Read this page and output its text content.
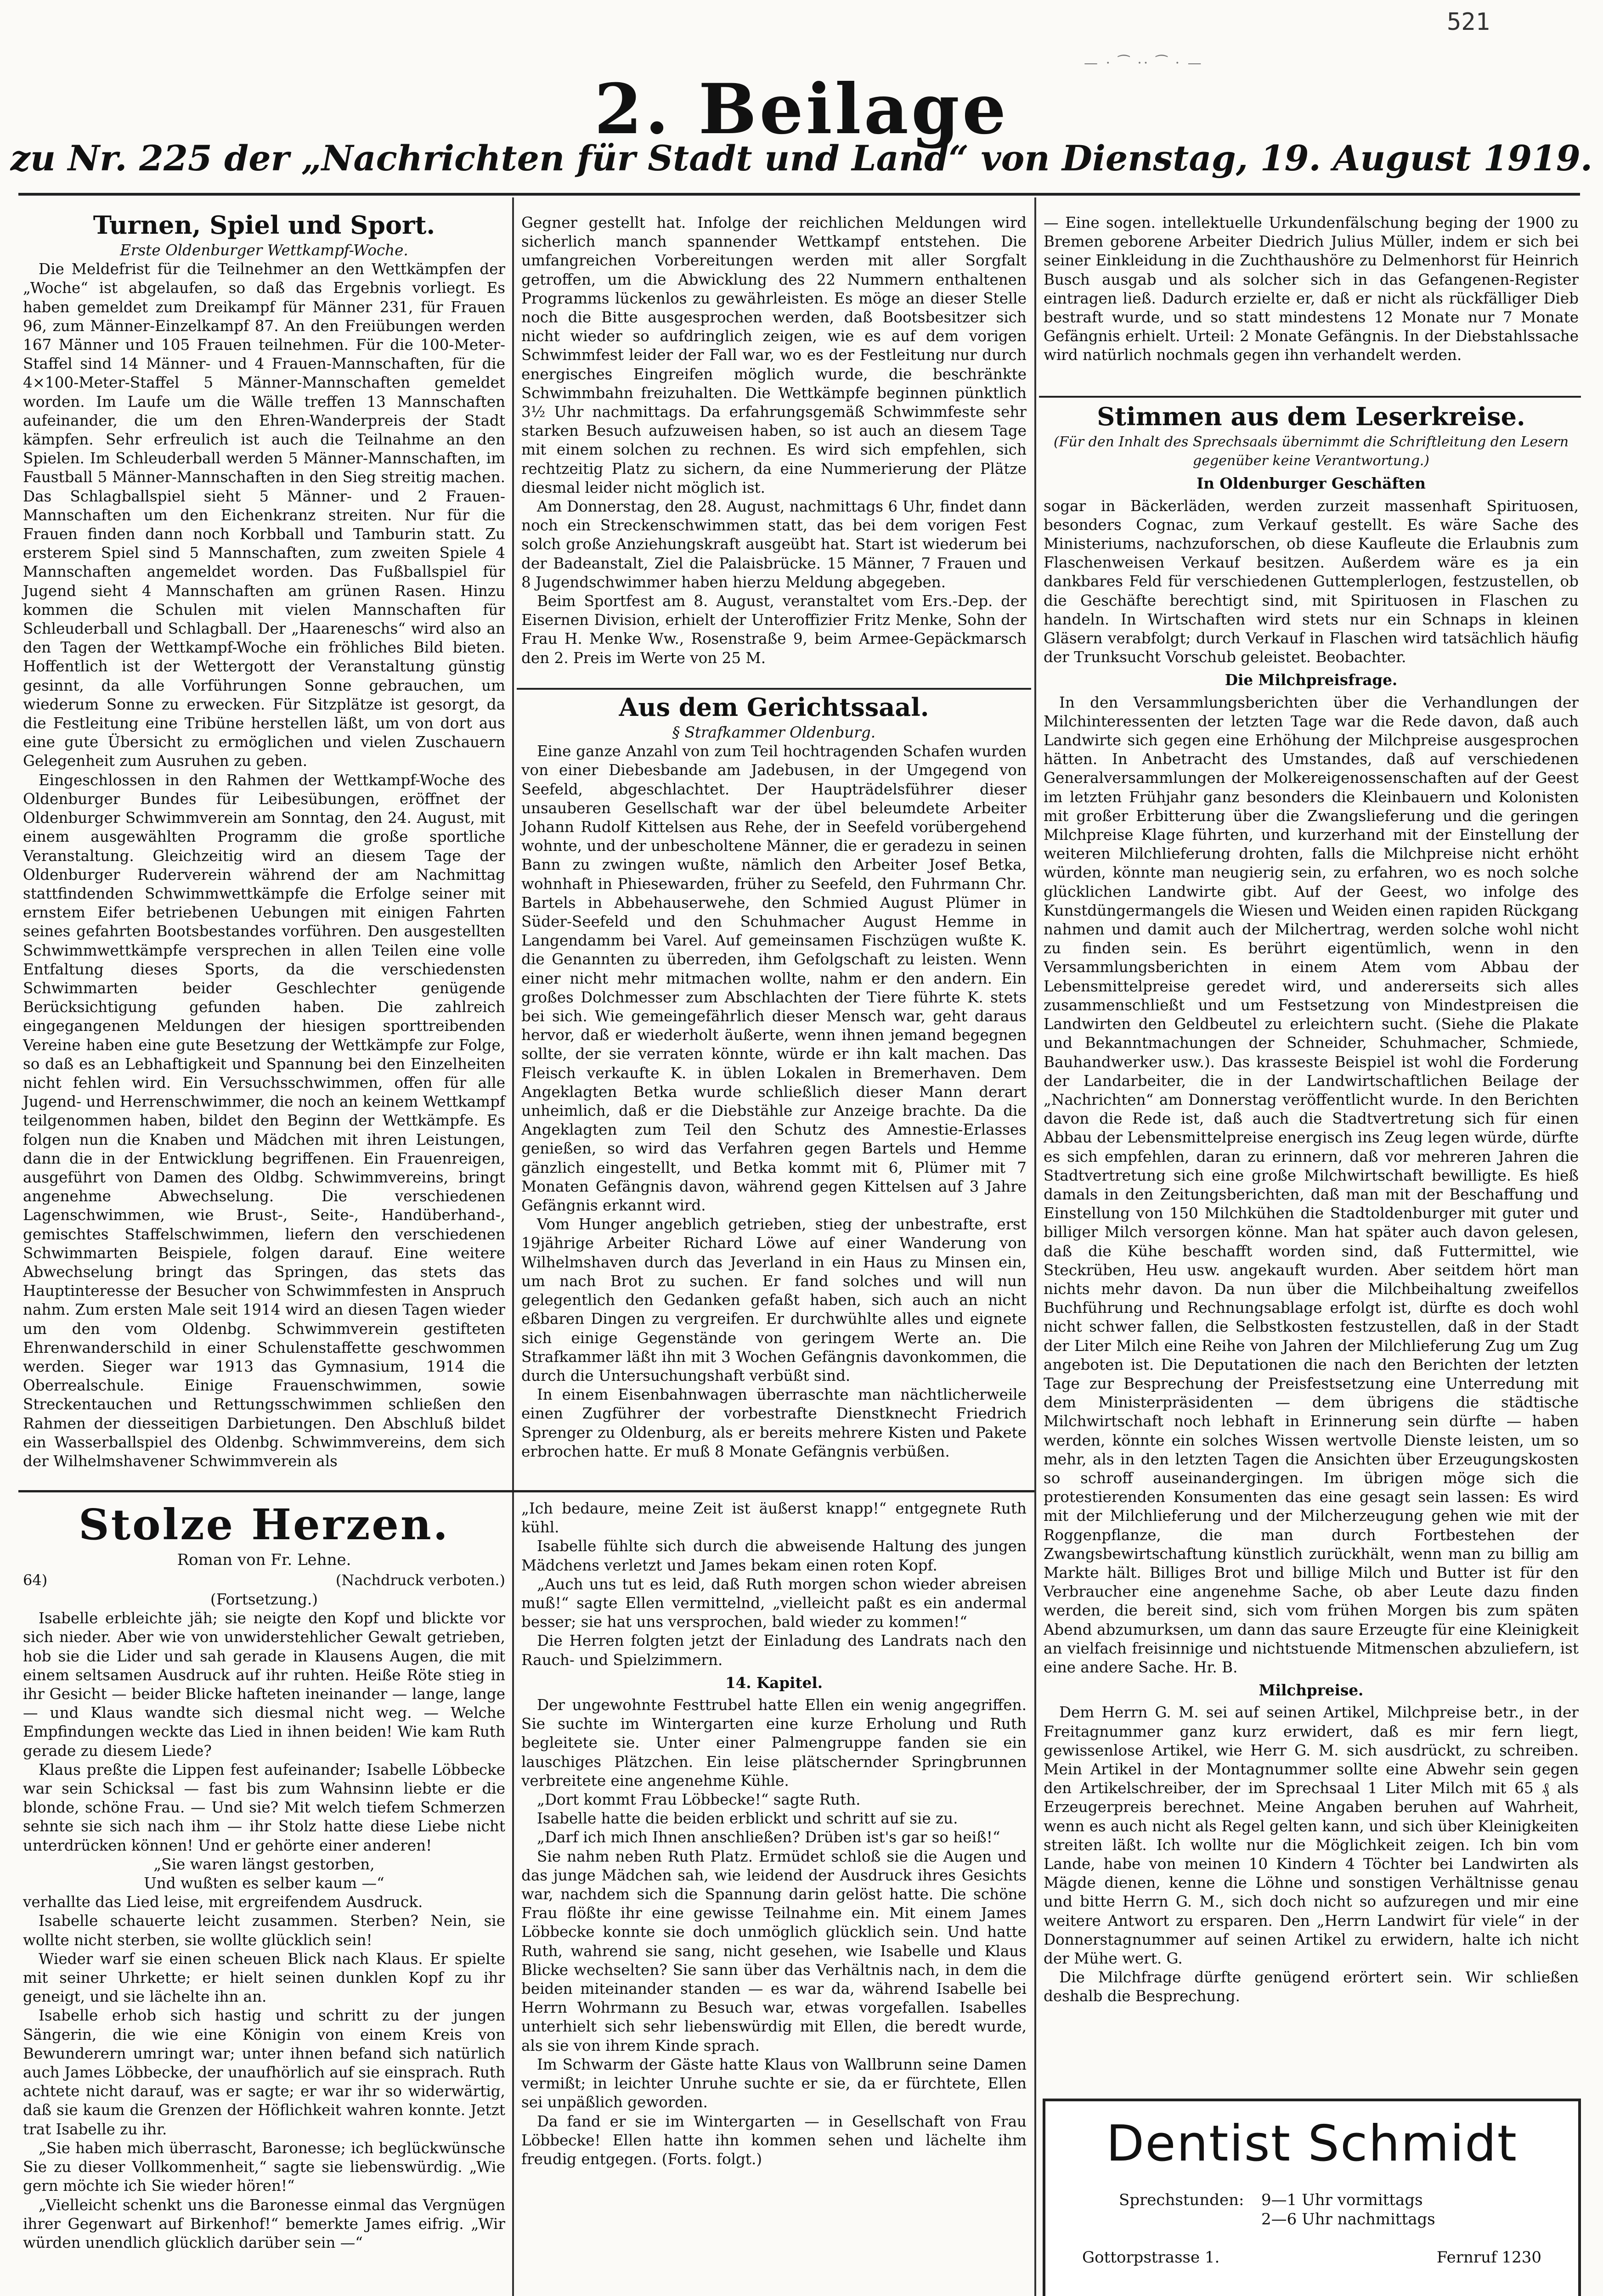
521
— · ⁀ ·· ⁀ · —
2. Beilage
zu Nr. 225 der „Nachrichten für Stadt und Land“ von Dienstag, 19. August 1919.
Turnen, Spiel und Sport.

Erste Oldenburger Wettkampf-Woche.

Die Meldefrist für die Teilnehmer an den Wettkämpfen der „Woche“ ist abgelaufen, so daß das Ergebnis vorliegt. Es haben gemeldet zum Dreikampf für Männer 231, für Frauen 96, zum Männer-Einzelkampf 87. An den Freiübungen werden 167 Männer und 105 Frauen teilnehmen. Für die 100-Meter-Staffel sind 14 Männer- und 4 Frauen-Mannschaften, für die 4×100-Meter-Staffel 5 Männer-Mannschaften gemeldet worden. Im Laufe um die Wälle treffen 13 Mannschaften aufeinander, die um den Ehren-Wanderpreis der Stadt kämpfen. Sehr erfreulich ist auch die Teilnahme an den Spielen. Im Schleuderball werden 5 Männer-Mannschaften, im Faustball 5 Männer-Mannschaften in den Sieg streitig machen. Das Schlagballspiel sieht 5 Männer- und 2 Frauen-Mannschaften um den Eichenkranz streiten. Nur für die Frauen finden dann noch Korbball und Tamburin statt. Zu ersterem Spiel sind 5 Mannschaften, zum zweiten Spiele 4 Mannschaften angemeldet worden. Das Fußballspiel für Jugend sieht 4 Mannschaften am grünen Rasen. Hinzu kommen die Schulen mit vielen Mannschaften für Schleuderball und Schlagball. Der „Haareneschs“ wird also an den Tagen der Wettkampf-Woche ein fröhliches Bild bieten. Hoffentlich ist der Wettergott der Veranstaltung günstig gesinnt, da alle Vorführungen Sonne gebrauchen, um wiederum Sonne zu erwecken. Für Sitzplätze ist gesorgt, da die Festleitung eine Tribüne herstellen läßt, um von dort aus eine gute Übersicht zu ermöglichen und vielen Zuschauern Gelegenheit zum Ausruhen zu geben.

Eingeschlossen in den Rahmen der Wettkampf-Woche des Oldenburger Bundes für Leibesübungen, eröffnet der Oldenburger Schwimmverein am Sonntag, den 24. August, mit einem ausgewählten Programm die große sportliche Veranstaltung. Gleichzeitig wird an diesem Tage der Oldenburger Ruderverein während der am Nachmittag stattfindenden Schwimmwettkämpfe die Erfolge seiner mit ernstem Eifer betriebenen Uebungen mit einigen Fahrten seines gefahrten Bootsbestandes vorführen. Den ausgestellten Schwimmwettkämpfe versprechen in allen Teilen eine volle Entfaltung dieses Sports, da die verschiedensten Schwimmarten beider Geschlechter genügende Berücksichtigung gefunden haben. Die zahlreich eingegangenen Meldungen der hiesigen sporttreibenden Vereine haben eine gute Besetzung der Wettkämpfe zur Folge, so daß es an Lebhaftigkeit und Spannung bei den Einzelheiten nicht fehlen wird. Ein Versuchsschwimmen, offen für alle Jugend- und Herrenschwimmer, die noch an keinem Wettkampf teilgenommen haben, bildet den Beginn der Wettkämpfe. Es folgen nun die Knaben und Mädchen mit ihren Leistungen, dann die in der Entwicklung begriffenen. Ein Frauenreigen, ausgeführt von Damen des Oldbg. Schwimmvereins, bringt angenehme Abwechselung. Die verschiedenen Lagenschwimmen, wie Brust-, Seite-, Handüberhand-, gemischtes Staffelschwimmen, liefern den verschiedenen Schwimmarten Beispiele, folgen darauf. Eine weitere Abwechselung bringt das Springen, das stets das Hauptinteresse der Besucher von Schwimmfesten in Anspruch nahm. Zum ersten Male seit 1914 wird an diesen Tagen wieder um den vom Oldenbg. Schwimmverein gestifteten Ehrenwanderschild in einer Schulenstaffette geschwommen werden. Sieger war 1913 das Gymnasium, 1914 die Oberrealschule. Einige Frauenschwimmen, sowie Streckentauchen und Rettungsschwimmen schließen den Rahmen der diesseitigen Darbietungen. Den Abschluß bildet ein Wasserballspiel des Oldenbg. Schwimmvereins, dem sich der Wilhelmshavener Schwimmverein als

Gegner gestellt hat. Infolge der reichlichen Meldungen wird sicherlich manch spannender Wettkampf entstehen. Die umfangreichen Vorbereitungen werden mit aller Sorgfalt getroffen, um die Abwicklung des 22 Nummern enthaltenen Programms lückenlos zu gewährleisten. Es möge an dieser Stelle noch die Bitte ausgesprochen werden, daß Bootsbesitzer sich nicht wieder so aufdringlich zeigen, wie es auf dem vorigen Schwimmfest leider der Fall war, wo es der Festleitung nur durch energisches Eingreifen möglich wurde, die beschränkte Schwimmbahn freizuhalten. Die Wettkämpfe beginnen pünktlich 3½ Uhr nachmittags. Da erfahrungsgemäß Schwimmfeste sehr starken Besuch aufzuweisen haben, so ist auch an diesem Tage mit einem solchen zu rechnen. Es wird sich empfehlen, sich rechtzeitig Platz zu sichern, da eine Nummerierung der Plätze diesmal leider nicht möglich ist.

Am Donnerstag, den 28. August, nachmittags 6 Uhr, findet dann noch ein Streckenschwimmen statt, das bei dem vorigen Fest solch große Anziehungskraft ausgeübt hat. Start ist wiederum bei der Badeanstalt, Ziel die Palaisbrücke. 15 Männer, 7 Frauen und 8 Jugendschwimmer haben hierzu Meldung abgegeben.

Beim Sportfest am 8. August, veranstaltet vom Ers.-Dep. der Eisernen Division, erhielt der Unteroffizier Fritz Menke, Sohn der Frau H. Menke Ww., Rosenstraße 9, beim Armee-Gepäckmarsch den 2. Preis im Werte von 25 M.

Aus dem Gerichtssaal.

§ Strafkammer Oldenburg.

Eine ganze Anzahl von zum Teil hochtragenden Schafen wurden von einer Diebesbande am Jadebusen, in der Umgegend von Seefeld, abgeschlachtet. Der Haupträdelsführer dieser unsauberen Gesellschaft war der übel beleumdete Arbeiter Johann Rudolf Kittelsen aus Rehe, der in Seefeld vorübergehend wohnte, und der unbescholtene Männer, die er geradezu in seinen Bann zu zwingen wußte, nämlich den Arbeiter Josef Betka, wohnhaft in Phiesewarden, früher zu Seefeld, den Fuhrmann Chr. Bartels in Abbehauserwehe, den Schmied August Plümer in Süder-Seefeld und den Schuhmacher August Hemme in Langendamm bei Varel. Auf gemeinsamen Fischzügen wußte K. die Genannten zu überreden, ihm Gefolgschaft zu leisten. Wenn einer nicht mehr mitmachen wollte, nahm er den andern. Ein großes Dolchmesser zum Abschlachten der Tiere führte K. stets bei sich. Wie gemeingefährlich dieser Mensch war, geht daraus hervor, daß er wiederholt äußerte, wenn ihnen jemand begegnen sollte, der sie verraten könnte, würde er ihn kalt machen. Das Fleisch verkaufte K. in üblen Lokalen in Bremerhaven. Dem Angeklagten Betka wurde schließlich dieser Mann derart unheimlich, daß er die Diebstähle zur Anzeige brachte. Da die Angeklagten zum Teil den Schutz des Amnestie-Erlasses genießen, so wird das Verfahren gegen Bartels und Hemme gänzlich eingestellt, und Betka kommt mit 6, Plümer mit 7 Monaten Gefängnis davon, während gegen Kittelsen auf 3 Jahre Gefängnis erkannt wird.

Vom Hunger angeblich getrieben, stieg der unbestrafte, erst 19jährige Arbeiter Richard Löwe auf einer Wanderung von Wilhelmshaven durch das Jeverland in ein Haus zu Minsen ein, um nach Brot zu suchen. Er fand solches und will nun gelegentlich den Gedanken gefaßt haben, sich auch an nicht eßbaren Dingen zu vergreifen. Er durchwühlte alles und eignete sich einige Gegenstände von geringem Werte an. Die Strafkammer läßt ihn mit 3 Wochen Gefängnis davonkommen, die durch die Untersuchungshaft verbüßt sind.

In einem Eisenbahnwagen überraschte man nächtlicherweile einen Zugführer der vorbestrafte Dienstknecht Friedrich Sprenger zu Oldenburg, als er bereits mehrere Kisten und Pakete erbrochen hatte. Er muß 8 Monate Gefängnis verbüßen.

— Eine sogen. intellektuelle Urkundenfälschung beging der 1900 zu Bremen geborene Arbeiter Diedrich Julius Müller, indem er sich bei seiner Einkleidung in die Zuchthaushöre zu Delmenhorst für Heinrich Busch ausgab und als solcher sich in das Gefangenen-Register eintragen ließ. Dadurch erzielte er, daß er nicht als rückfälliger Dieb bestraft wurde, und so statt mindestens 12 Monate nur 7 Monate Gefängnis erhielt. Urteil: 2 Monate Gefängnis. In der Diebstahlssache wird natürlich nochmals gegen ihn verhandelt werden.

Stimmen aus dem Leserkreise.

(Für den Inhalt des Sprechsaals übernimmt die Schriftleitung den Lesern gegenüber keine Verantwortung.)

In Oldenburger Geschäften

sogar in Bäckerläden, werden zurzeit massenhaft Spirituosen, besonders Cognac, zum Verkauf gestellt. Es wäre Sache des Ministeriums, nachzuforschen, ob diese Kaufleute die Erlaubnis zum Flaschenweisen Verkauf besitzen. Außerdem wäre es ja ein dankbares Feld für verschiedenen Guttemplerlogen, festzustellen, ob die Geschäfte berechtigt sind, mit Spirituosen in Flaschen zu handeln. In Wirtschaften wird stets nur ein Schnaps in kleinen Gläsern verabfolgt; durch Verkauf in Flaschen wird tatsächlich häufig der Trunksucht Vorschub geleistet. Beobachter.

Die Milchpreisfrage.

In den Versammlungsberichten über die Verhandlungen der Milchinteressenten der letzten Tage war die Rede davon, daß auch Landwirte sich gegen eine Erhöhung der Milchpreise ausgesprochen hätten. In Anbetracht des Umstandes, daß auf verschiedenen Generalversammlungen der Molkereigenossenschaften auf der Geest im letzten Frühjahr ganz besonders die Kleinbauern und Kolonisten mit großer Erbitterung über die Zwangslieferung und die geringen Milchpreise Klage führten, und kurzerhand mit der Einstellung der weiteren Milchlieferung drohten, falls die Milchpreise nicht erhöht würden, könnte man neugierig sein, zu erfahren, wo es noch solche glücklichen Landwirte gibt. Auf der Geest, wo infolge des Kunstdüngermangels die Wiesen und Weiden einen rapiden Rückgang nahmen und damit auch der Milchertrag, werden solche wohl nicht zu finden sein. Es berührt eigentümlich, wenn in den Versammlungsberichten in einem Atem vom Abbau der Lebensmittelpreise geredet wird, und andererseits sich alles zusammenschließt und um Festsetzung von Mindestpreisen die Landwirten den Geldbeutel zu erleichtern sucht. (Siehe die Plakate und Bekanntmachungen der Schneider, Schuhmacher, Schmiede, Bauhandwerker usw.). Das krasseste Beispiel ist wohl die Forderung der Landarbeiter, die in der Landwirtschaftlichen Beilage der „Nachrichten“ am Donnerstag veröffentlicht wurde. In den Berichten davon die Rede ist, daß auch die Stadtvertretung sich für einen Abbau der Lebensmittelpreise energisch ins Zeug legen würde, dürfte es sich empfehlen, daran zu erinnern, daß vor mehreren Jahren die Stadtvertretung sich eine große Milchwirtschaft bewilligte. Es hieß damals in den Zeitungsberichten, daß man mit der Beschaffung und Einstellung von 150 Milchkühen die Stadtoldenburger mit guter und billiger Milch versorgen könne. Man hat später auch davon gelesen, daß die Kühe beschafft worden sind, daß Futtermittel, wie Steckrüben, Heu usw. angekauft wurden. Aber seitdem hört man nichts mehr davon. Da nun über die Milchbeihaltung zweifellos Buchführung und Rechnungsablage erfolgt ist, dürfte es doch wohl nicht schwer fallen, die Selbstkosten festzustellen, daß in der Stadt der Liter Milch eine Reihe von Jahren der Milchlieferung Zug um Zug angeboten ist. Die Deputationen die nach den Berichten der letzten Tage zur Besprechung der Preisfestsetzung eine Unterredung mit dem Ministerpräsidenten — dem übrigens die städtische Milchwirtschaft noch lebhaft in Erinnerung sein dürfte — haben werden, könnte ein solches Wissen wertvolle Dienste leisten, um so mehr, als in den letzten Tagen die Ansichten über Erzeugungskosten so schroff auseinandergingen. Im übrigen möge sich die protestierenden Konsumenten das eine gesagt sein lassen: Es wird mit der Milchlieferung und der Milcherzeugung gehen wie mit der Roggenpflanze, die man durch Fortbestehen der Zwangsbewirtschaftung künstlich zurückhält, wenn man zu billig am Markte hält. Billiges Brot und billige Milch und Butter ist für den Verbraucher eine angenehme Sache, ob aber Leute dazu finden werden, die bereit sind, sich vom frühen Morgen bis zum späten Abend abzumurksen, um dann das saure Erzeugte für eine Kleinigkeit an vielfach freisinnige und nichtstuende Mitmenschen abzuliefern, ist eine andere Sache. Hr. B.

Milchpreise.

Dem Herrn G. M. sei auf seinen Artikel, Milchpreise betr., in der Freitagnummer ganz kurz erwidert, daß es mir fern liegt, gewissenlose Artikel, wie Herr G. M. sich ausdrückt, zu schreiben. Mein Artikel in der Montagnummer sollte eine Abwehr sein gegen den Artikelschreiber, der im Sprechsaal 1 Liter Milch mit 65 ₰ als Erzeugerpreis berechnet. Meine Angaben beruhen auf Wahrheit, wenn es auch nicht als Regel gelten kann, und sich über Kleinigkeiten streiten läßt. Ich wollte nur die Möglichkeit zeigen. Ich bin vom Lande, habe von meinen 10 Kindern 4 Töchter bei Landwirten als Mägde dienen, kenne die Löhne und sonstigen Verhältnisse genau und bitte Herrn G. M., sich doch nicht so aufzuregen und mir eine weitere Antwort zu ersparen. Den „Herrn Landwirt für viele“ in der Donnerstagnummer auf seinen Artikel zu erwidern, halte ich nicht der Mühe wert. G.

Die Milchfrage dürfte genügend erörtert sein. Wir schließen deshalb die Besprechung.

Stolze Herzen.
Roman von Fr. Lehne.
64)	(Nachdruck verboten.)

(Fortsetzung.)

Isabelle erbleichte jäh; sie neigte den Kopf und blickte vor sich nieder. Aber wie von unwiderstehlicher Gewalt getrieben, hob sie die Lider und sah gerade in Klausens Augen, die mit einem seltsamen Ausdruck auf ihr ruhten. Heiße Röte stieg in ihr Gesicht — beider Blicke hafteten ineinander — lange, lange — und Klaus wandte sich diesmal nicht weg. — Welche Empfindungen weckte das Lied in ihnen beiden! Wie kam Ruth gerade zu diesem Liede?

Klaus preßte die Lippen fest aufeinander; Isabelle Löbbecke war sein Schicksal — fast bis zum Wahnsinn liebte er die blonde, schöne Frau. — Und sie? Mit welch tiefem Schmerzen sehnte sie sich nach ihm — ihr Stolz hatte diese Liebe nicht unterdrücken können! Und er gehörte einer anderen!

„Sie waren längst gestorben,
Und wußten es selber kaum —“

verhallte das Lied leise, mit ergreifendem Ausdruck.

Isabelle schauerte leicht zusammen. Sterben? Nein, sie wollte nicht sterben, sie wollte glücklich sein!

Wieder warf sie einen scheuen Blick nach Klaus. Er spielte mit seiner Uhrkette; er hielt seinen dunklen Kopf zu ihr geneigt, und sie lächelte ihn an.

Isabelle erhob sich hastig und schritt zu der jungen Sängerin, die wie eine Königin von einem Kreis von Bewunderern umringt war; unter ihnen befand sich natürlich auch James Löbbecke, der unaufhörlich auf sie einsprach. Ruth achtete nicht darauf, was er sagte; er war ihr so widerwärtig, daß sie kaum die Grenzen der Höflichkeit wahren konnte. Jetzt trat Isabelle zu ihr.

„Sie haben mich überrascht, Baronesse; ich beglückwünsche Sie zu dieser Vollkommenheit,“ sagte sie liebenswürdig. „Wie gern möchte ich Sie wieder hören!“

„Vielleicht schenkt uns die Baronesse einmal das Vergnügen ihrer Gegenwart auf Birkenhof!“ bemerkte James eifrig. „Wir würden unendlich glücklich darüber sein —“

„Ich bedaure, meine Zeit ist äußerst knapp!“ entgegnete Ruth kühl.

Isabelle fühlte sich durch die abweisende Haltung des jungen Mädchens verletzt und James bekam einen roten Kopf.

„Auch uns tut es leid, daß Ruth morgen schon wieder abreisen muß!“ sagte Ellen vermittelnd, „vielleicht paßt es ein andermal besser; sie hat uns versprochen, bald wieder zu kommen!“

Die Herren folgten jetzt der Einladung des Landrats nach den Rauch- und Spielzimmern.

14. Kapitel.

Der ungewohnte Festtrubel hatte Ellen ein wenig angegriffen. Sie suchte im Wintergarten eine kurze Erholung und Ruth begleitete sie. Unter einer Palmengruppe fanden sie ein lauschiges Plätzchen. Ein leise plätschernder Springbrunnen verbreitete eine angenehme Kühle.

„Dort kommt Frau Löbbecke!“ sagte Ruth.

Isabelle hatte die beiden erblickt und schritt auf sie zu.

„Darf ich mich Ihnen anschließen? Drüben ist's gar so heiß!“

Sie nahm neben Ruth Platz. Ermüdet schloß sie die Augen und das junge Mädchen sah, wie leidend der Ausdruck ihres Gesichts war, nachdem sich die Spannung darin gelöst hatte. Die schöne Frau flößte ihr eine gewisse Teilnahme ein. Mit einem James Löbbecke konnte sie doch unmöglich glücklich sein. Und hatte Ruth, wahrend sie sang, nicht gesehen, wie Isabelle und Klaus Blicke wechselten? Sie sann über das Verhältnis nach, in dem die beiden miteinander standen — es war da, während Isabelle bei Herrn Wohrmann zu Besuch war, etwas vorgefallen. Isabelles unterhielt sich sehr liebenswürdig mit Ellen, die beredt wurde, als sie von ihrem Kinde sprach.

Im Schwarm der Gäste hatte Klaus von Wallbrunn seine Damen vermißt; in leichter Unruhe suchte er sie, da er fürchtete, Ellen sei unpäßlich geworden.

Da fand er sie im Wintergarten — in Gesellschaft von Frau Löbbecke! Ellen hatte ihn kommen sehen und lächelte ihm freudig entgegen. (Forts. folgt.)	Dentist Schmidt
Sprechstunden: 9—1 Uhr vormittags
2—6 Uhr nachmittags
Gottorpstrasse 1.	Fernruf 1230
